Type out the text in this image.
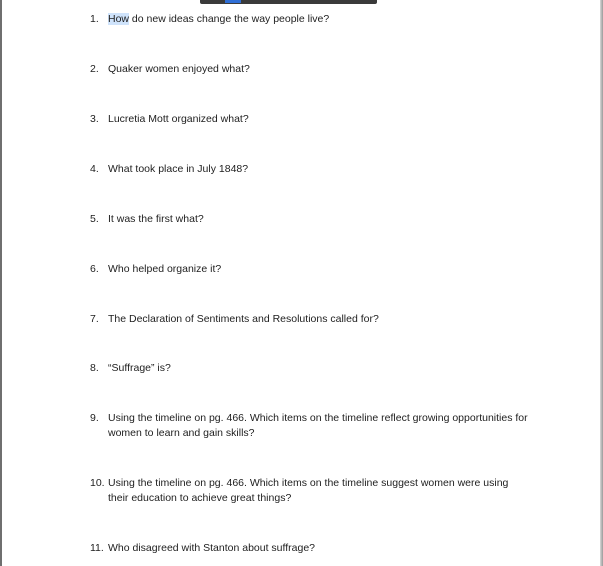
1. How do new ideas change the way people live?
2. Quaker women enjoyed what?
3. Lucretia Mott organized what?
4. What took place in July 1848?
5. It was the first what?
6. Who helped organize it?
7. The Declaration of Sentiments and Resolutions called for?
8. “Suffrage” is?
9. Using the timeline on pg. 466. Which items on the timeline reflect growing opportunities for women to learn and gain skills?
10. Using the timeline on pg. 466. Which items on the timeline suggest women were using their education to achieve great things?
11. Who disagreed with Stanton about suffrage?
